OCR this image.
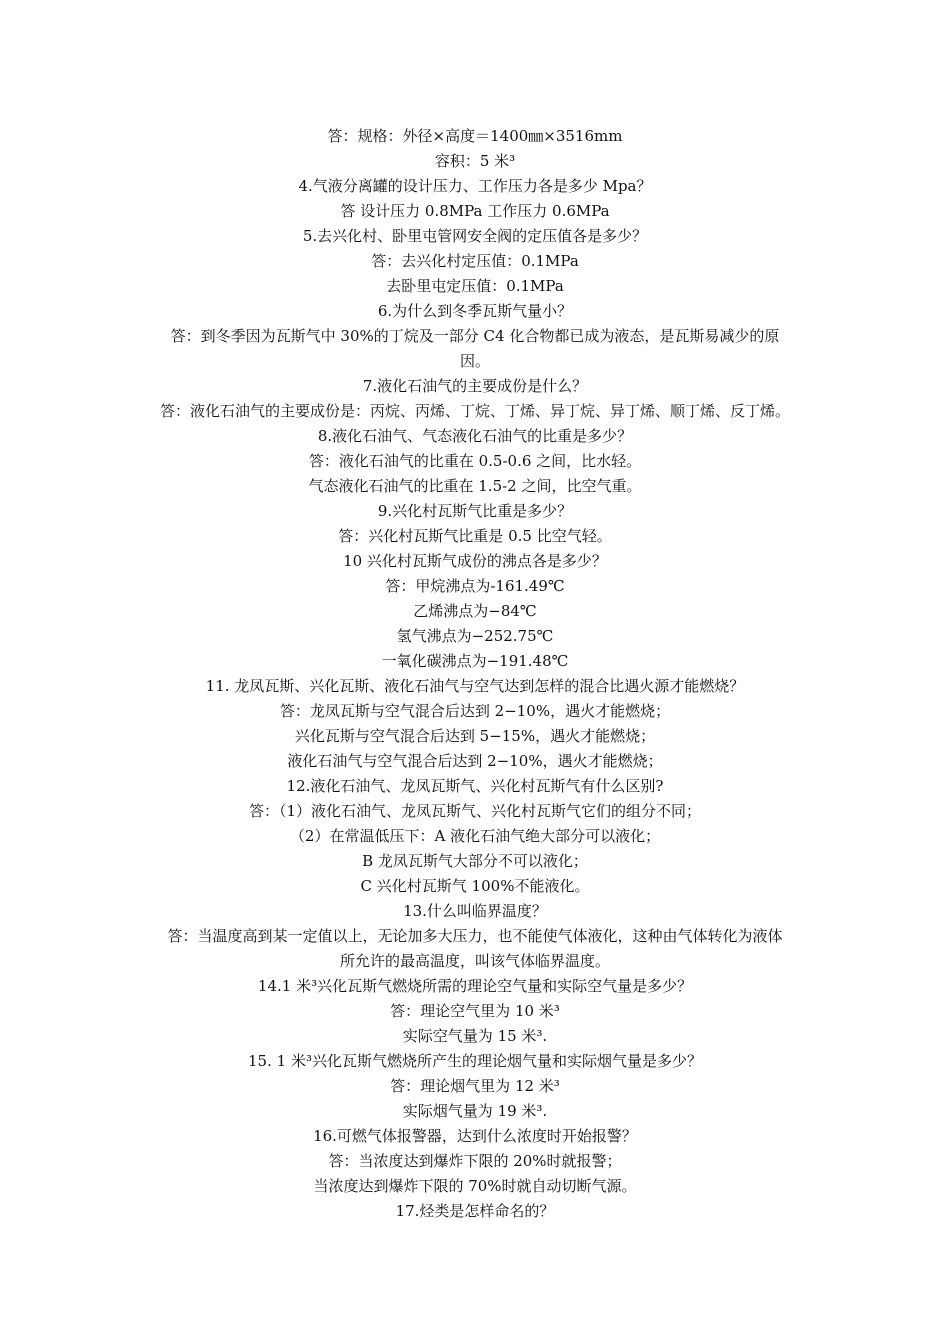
答：规格：外径×高度＝1400㎜×3516mm
容积：5 米³
4.气液分离罐的设计压力、工作压力各是多少 Mpa？
答 设计压力 0.8MPa 工作压力 0.6MPa
5.去兴化村、卧里屯管网安全阀的定压值各是多少？
答：去兴化村定压值：0.1MPa
去卧里屯定压值：0.1MPa
6.为什么到冬季瓦斯气量小？
答：到冬季因为瓦斯气中 30%的丁烷及一部分 C4 化合物都已成为液态，是瓦斯易减少的原
因。
7.液化石油气的主要成份是什么？
答：液化石油气的主要成份是：丙烷、丙烯、丁烷、丁烯、异丁烷、异丁烯、顺丁烯、反丁烯。
8.液化石油气、气态液化石油气的比重是多少？
答：液化石油气的比重在 0.5-0.6 之间，比水轻。
气态液化石油气的比重在 1.5-2 之间，比空气重。
9.兴化村瓦斯气比重是多少？
答：兴化村瓦斯气比重是 0.5 比空气轻。
10 兴化村瓦斯气成份的沸点各是多少？
答：甲烷沸点为-161.49℃
乙烯沸点为−84℃
氢气沸点为−252.75℃
一氧化碳沸点为−191.48℃
11. 龙凤瓦斯、兴化瓦斯、液化石油气与空气达到怎样的混合比遇火源才能燃烧？
答：龙凤瓦斯与空气混合后达到 2−10%，遇火才能燃烧；
兴化瓦斯与空气混合后达到 5−15%，遇火才能燃烧；
液化石油气与空气混合后达到 2−10%，遇火才能燃烧；
12.液化石油气、龙凤瓦斯气、兴化村瓦斯气有什么区别?
答：（1）液化石油气、龙凤瓦斯气、兴化村瓦斯气它们的组分不同；
（2）在常温低压下：A 液化石油气绝大部分可以液化；
B 龙凤瓦斯气大部分不可以液化；
C 兴化村瓦斯气 100%不能液化。
13.什么叫临界温度？
答：当温度高到某一定值以上，无论加多大压力，也不能使气体液化，这种由气体转化为液体
所允许的最高温度，叫该气体临界温度。
14.1 米³兴化瓦斯气燃烧所需的理论空气量和实际空气量是多少？
答：理论空气里为 10 米³
实际空气量为 15 米³.
15. 1 米³兴化瓦斯气燃烧所产生的理论烟气量和实际烟气量是多少？
答：理论烟气里为 12 米³
实际烟气量为 19 米³.
16.可燃气体报警器，达到什么浓度时开始报警？
答：当浓度达到爆炸下限的 20%时就报警；
当浓度达到爆炸下限的 70%时就自动切断气源。
17.烃类是怎样命名的？
